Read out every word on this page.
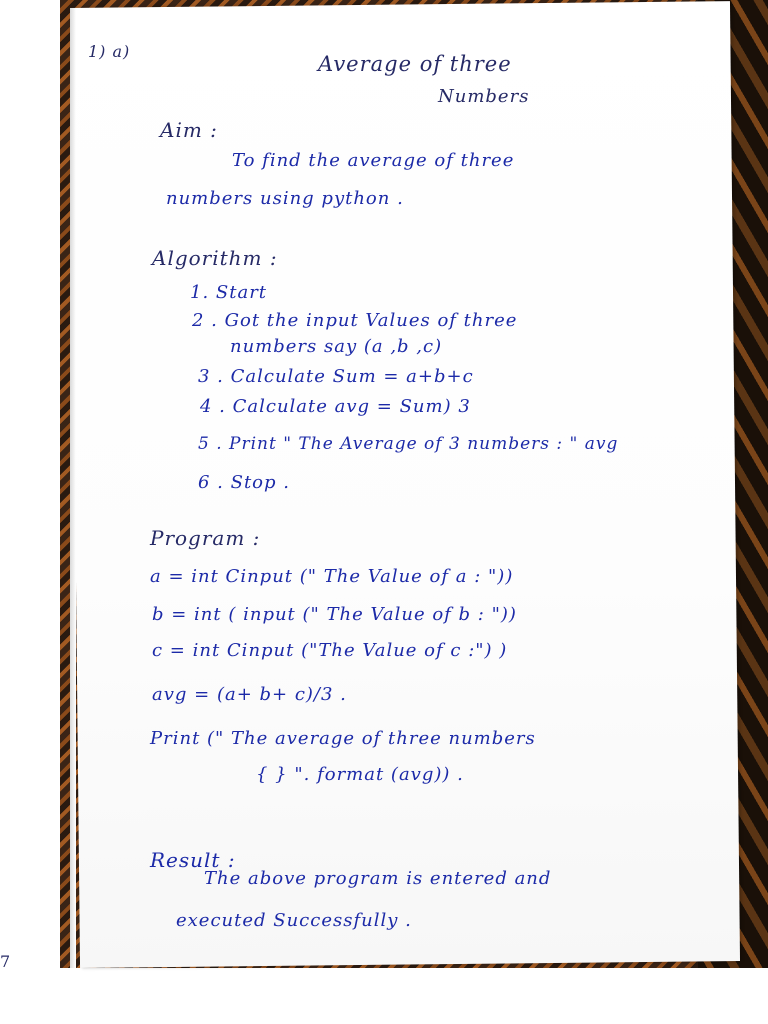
1) a)
Average of three
Numbers
Aim :
To find the average of three
numbers using python .
Algorithm :
1. Start
2 . Got the input Values of three
numbers say (a ,b ,c)
3 . Calculate Sum = a+b+c
4 . Calculate avg = Sum) 3
5 . Print " The Average of 3 numbers : " avg
6 . Stop .
Program :
a = int Cinput (" The Value of a : "))
b = int ( input (" The Value of b : "))
c = int Cinput ("The Value of c :") )
avg = (a+ b+ c)/3 .
Print (" The average of three numbers
{ } ". format (avg)) .
Result :
The above program is entered and
executed Successfully .
7
